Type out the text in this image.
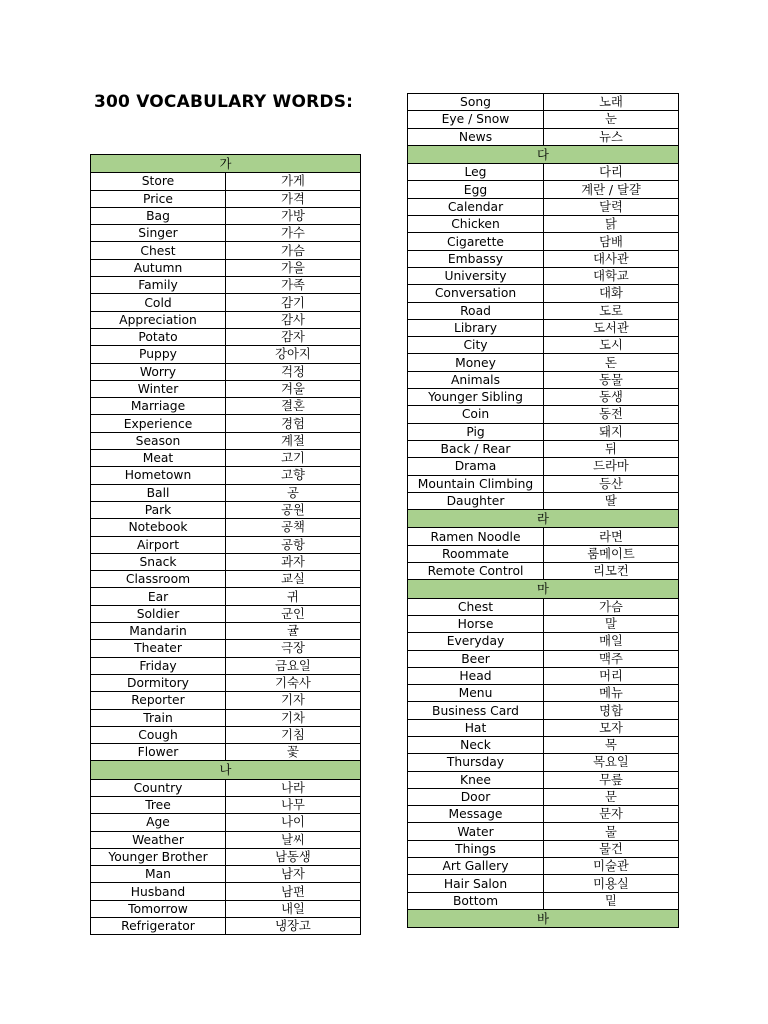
300 VOCABULARY WORDS:
가	
Store	가게
Price	가격
Bag	가방
Singer	가수
Chest	가슴
Autumn	가을
Family	가족
Cold	감기
Appreciation	감사
Potato	감자
Puppy	강아지
Worry	걱정
Winter	겨울
Marriage	결혼
Experience	경험
Season	계절
Meat	고기
Hometown	고향
Ball	공
Park	공원
Notebook	공책
Airport	공항
Snack	과자
Classroom	교실
Ear	귀
Soldier	군인
Mandarin	귤
Theater	극장
Friday	금요일
Dormitory	기숙사
Reporter	기자
Train	기차
Cough	기침
Flower	꽃
나	
Country	나라
Tree	나무
Age	나이
Weather	날씨
Younger Brother	남동생
Man	남자
Husband	남편
Tomorrow	내일
Refrigerator	냉장고
Song	노래
Eye / Snow	눈
News	뉴스
다	
Leg	다리
Egg	계란 / 달걀
Calendar	달력
Chicken	닭
Cigarette	담배
Embassy	대사관
University	대학교
Conversation	대화
Road	도로
Library	도서관
City	도시
Money	돈
Animals	동물
Younger Sibling	동생
Coin	동전
Pig	돼지
Back / Rear	뒤
Drama	드라마
Mountain Climbing	등산
Daughter	딸
라	
Ramen Noodle	라면
Roommate	룸메이트
Remote Control	리모컨
마	
Chest	가슴
Horse	말
Everyday	매일
Beer	맥주
Head	머리
Menu	메뉴
Business Card	명함
Hat	모자
Neck	목
Thursday	목요일
Knee	무릎
Door	문
Message	문자
Water	물
Things	물건
Art Gallery	미술관
Hair Salon	미용실
Bottom	밑
바	
